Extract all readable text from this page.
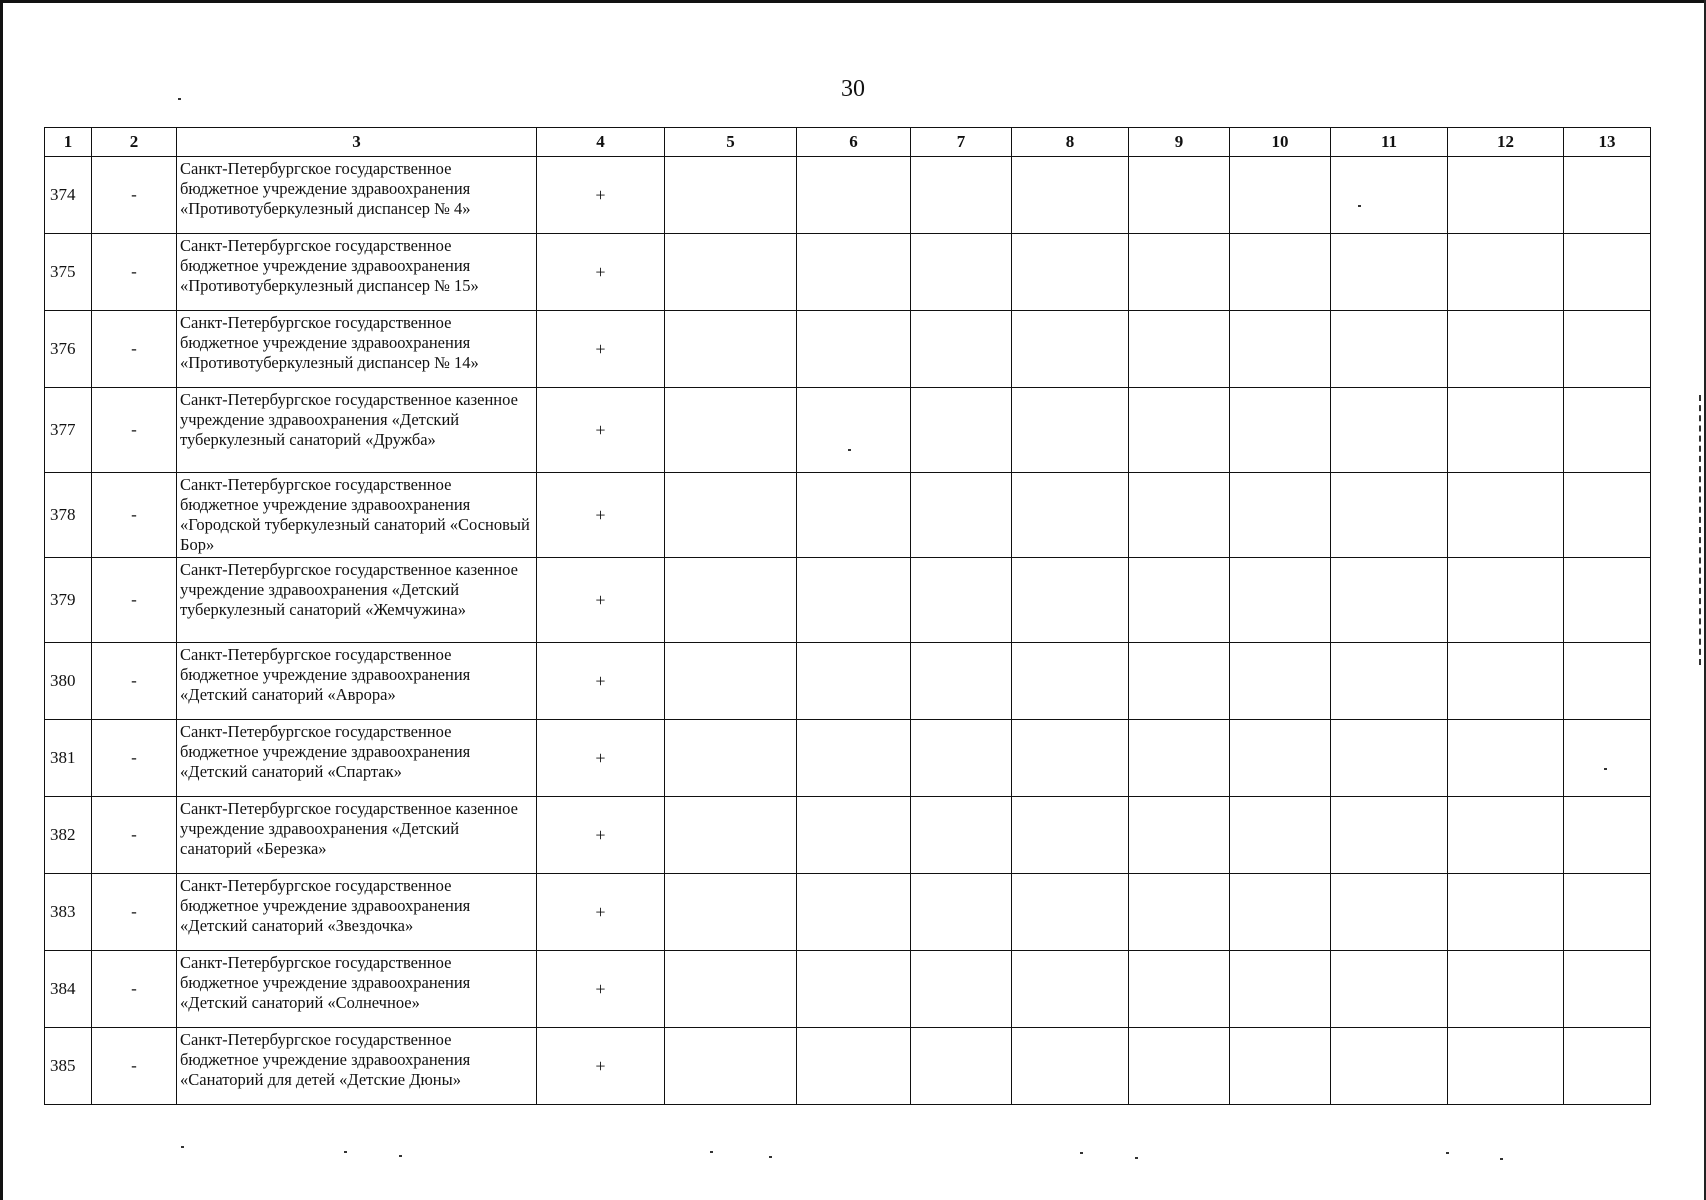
30
1	2	3	4	5	6	7	8	9	10	11	12	13
374	-	Санкт-Петербургское государственное бюджетное учреждение здравоохранения «Противотуберкулезный диспансер № 4»	+									
375	-	Санкт-Петербургское государственное бюджетное учреждение здравоохранения «Противотуберкулезный диспансер № 15»	+									
376	-	Санкт-Петербургское государственное бюджетное учреждение здравоохранения «Противотуберкулезный диспансер № 14»	+									
377	-	Санкт-Петербургское государственное казенное учреждение здравоохранения «Детский туберкулезный санаторий «Дружба»	+									
378	-	Санкт-Петербургское государственное бюджетное учреждение здравоохранения «Городской туберкулезный санаторий «Сосновый Бор»	+									
379	-	Санкт-Петербургское государственное казенное учреждение здравоохранения «Детский туберкулезный санаторий «Жемчужина»	+									
380	-	Санкт-Петербургское государственное бюджетное учреждение здравоохранения «Детский санаторий «Аврора»	+									
381	-	Санкт-Петербургское государственное бюджетное учреждение здравоохранения «Детский санаторий «Спартак»	+									
382	-	Санкт-Петербургское государственное казенное учреждение здравоохранения «Детский санаторий «Березка»	+									
383	-	Санкт-Петербургское государственное бюджетное учреждение здравоохранения «Детский санаторий «Звездочка»	+									
384	-	Санкт-Петербургское государственное бюджетное учреждение здравоохранения «Детский санаторий «Солнечное»	+									
385	-	Санкт-Петербургское государственное бюджетное учреждение здравоохранения «Санаторий для детей «Детские Дюны»	+									
